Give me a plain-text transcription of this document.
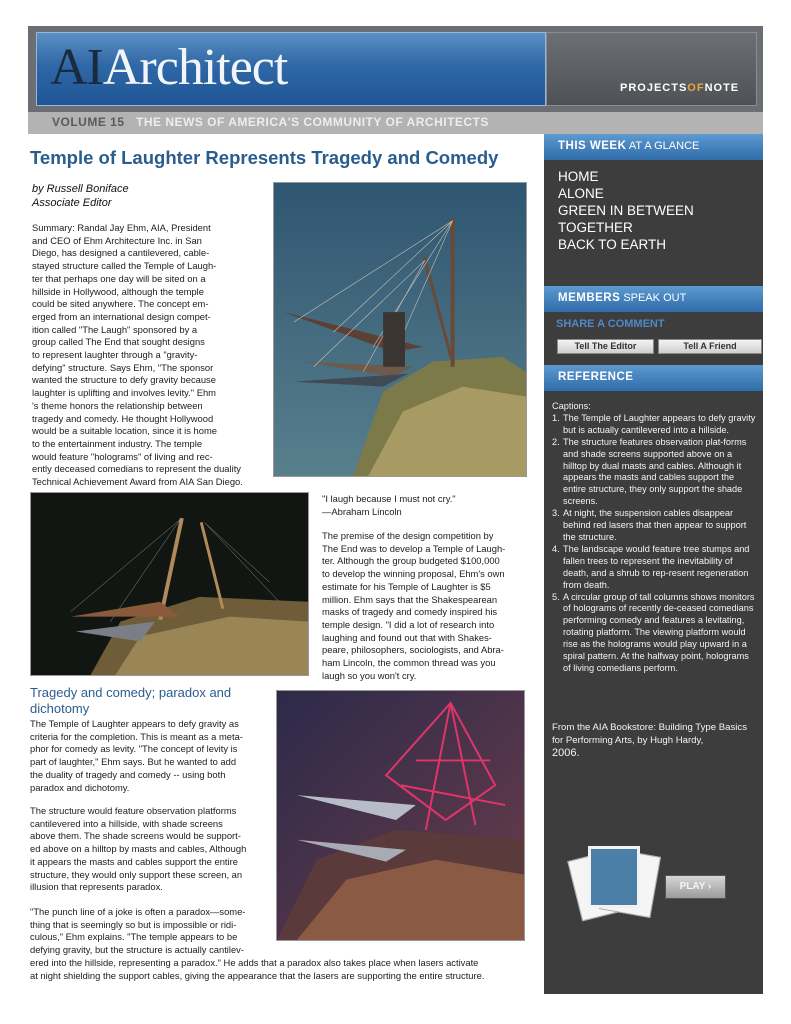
AIArchitect	PROJECTSOFNOTE
VOLUME 15 THE NEWS OF AMERICA'S COMMUNITY OF ARCHITECTS
Temple of Laughter Represents Tragedy and Comedy
by Russell Boniface
Associate Editor
Summary: Randal Jay Ehm, AIA, President
and CEO of Ehm Architecture Inc. in San
Diego, has designed a cantilevered, cable-
stayed structure called the Temple of Laugh-
ter that perhaps one day will be sited on a
hillside in Hollywood, although the temple
could be sited anywhere. The concept em-
erged from an international design compet-
ition called "The Laugh" sponsored by a
group called The End that sought designs
to represent laughter through a "gravity-
defying" structure. Says Ehm, "The sponsor
wanted the structure to defy gravity because
laughter is uplifting and involves levity." Ehm
's theme honors the relationship between
tragedy and comedy. He thought Hollywood
would be a suitable location, since it is home
to the entertainment industry. The temple
would feature "holograms" of living and rec-
ently deceased comedians to represent the duality
Technical Achievement Award from AIA San Diego.
"I laugh because I must not cry."
—Abraham Lincoln
The premise of the design competition by
The End was to develop a Temple of Laugh-
ter. Although the group budgeted $100,000
to develop the winning proposal, Ehm's own
estimate for his Temple of Laughter is $5
million. Ehm says that the Shakespearean
masks of tragedy and comedy inspired his
temple design. "I did a lot of research into
laughing and found out that with Shakes-
peare, philosophers, sociologists, and Abra-
ham Lincoln, the common thread was you
laugh so you won't cry.
Tragedy and comedy; paradox and
dichotomy
The Temple of Laughter appears to defy gravity as
criteria for the completion. This is meant as a meta-
phor for comedy as levity. "The concept of levity is
part of laughter," Ehm says. But he wanted to add
the duality of tragedy and comedy -- using both
paradox and dichotomy.
The structure would feature observation platforms
cantilevered into a hillside, with shade screens
above them. The shade screens would be support-
ed above on a hilltop by masts and cables, Although
it appears the masts and cables support the entire
structure, they would only support these screen, an
illusion that represents paradox.
"The punch line of a joke is often a paradox—some-
thing that is seemingly so but is impossible or ridi-
culous," Ehm explains. "The temple appears to be
defying gravity, but the structure is actually cantilev-
ered into the hillside, representing a paradox." He adds that a paradox also takes place when lasers activate
at night shielding the support cables, giving the appearance that the lasers are supporting the entire structure.
THIS WEEK AT A GLANCE
HOME
ALONE
GREEN IN BETWEEN
TOGETHER
BACK TO EARTH
MEMBERS SPEAK OUT
SHARE A COMMENT
Tell The Editor	Tell A Friend
REFERENCE
Captions:
1. The Temple of Laughter appears to defy gravity but is actually cantilevered into a hillside.
2. The structure features observation plat-forms and shade screens supported above on a hilltop by dual masts and cables. Although it appears the masts and cables support the entire structure, they only support the shade screens.
3. At night, the suspension cables disappear behind red lasers that then appear to support the structure.
4. The landscape would feature tree stumps and fallen trees to represent the inevitability of death, and a shrub to rep-resent regeneration from death.
5. A circular group of tall columns shows monitors of holograms of recently de-ceased comedians performing comedy and features a levitating, rotating platform. The viewing platform would rise as the holograms would play upward in a spiral pattern. At the halfway point, holograms of living comedians perform.
From the AIA Bookstore: Building Type Basics for Performing Arts, by Hugh Hardy,
2006.
PLAY ›
